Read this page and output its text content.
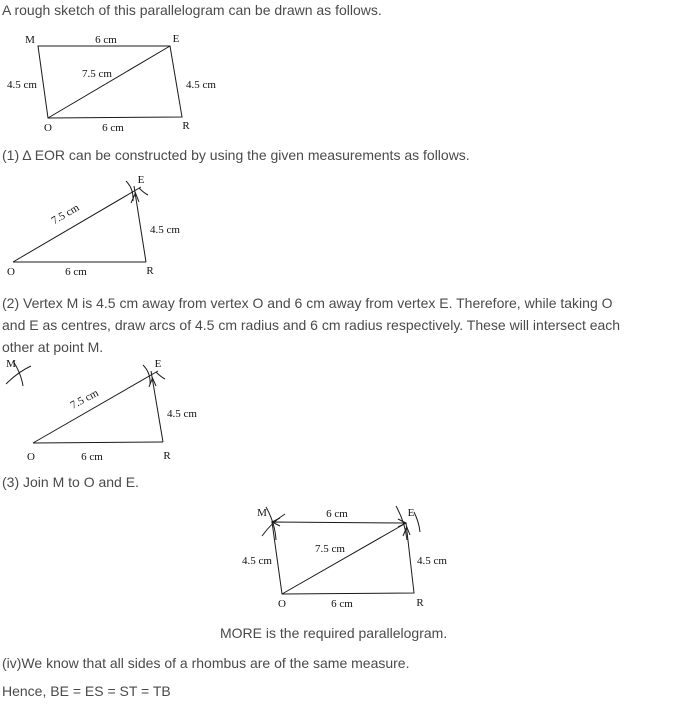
A rough sketch of this parallelogram can be drawn as follows.
M	6 cm	E
7.5 cm
4.5 cm	4.5 cm
O	6 cm	R
(1) Δ EOR can be constructed by using the given measurements as follows.
E
7.5 cm
4.5 cm
O	6 cm	R
(2) Vertex M is 4.5 cm away from vertex O and 6 cm away from vertex E. Therefore, while taking O
and E as centres, draw arcs of 4.5 cm radius and 6 cm radius respectively. These will intersect each
other at point M.
M	E
7.5 cm
4.5 cm
O	6 cm	R
(3) Join M to O and E.
M	6 cm	E
7.5 cm
4.5 cm	4.5 cm
O	6 cm	R
MORE is the required parallelogram.
(iv)We know that all sides of a rhombus are of the same measure.
Hence, BE = ES = ST = TB
